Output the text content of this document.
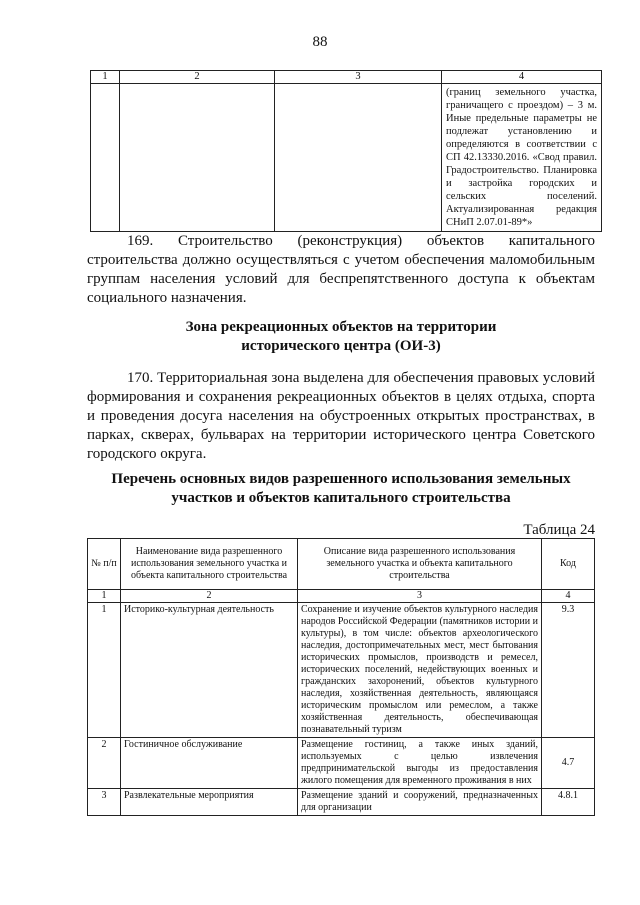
88
1	2	3	4
			(границ земельного участка, граничащего с проездом) – 3 м. Иные предельные параметры не подлежат установлению и определяются в соответствии с СП 42.13330.2016. «Свод правил. Градостроительство. Планировка и застройка городских и сельских поселений. Актуализированная редакция СНиП 2.07.01-89*»
169. Строительство (реконструкция) объектов капитального строительства должно осуществляться с учетом обеспечения маломобильным группам населения условий для беспрепятственного доступа к объектам социального назначения.
Зона рекреационных объектов на территории
исторического центра (ОИ-3)
170. Территориальная зона выделена для обеспечения правовых условий формирования и сохранения рекреационных объектов в целях отдыха, спорта и проведения досуга населения на обустроенных открытых пространствах, в парках, скверах, бульварах на территории исторического центра Советского городского округа.
Перечень основных видов разрешенного использования земельных
участков и объектов капитального строительства
Таблица 24
№ п/п	Наименование вида разрешенного использования земельного участка и объекта капитального строительства	Описание вида разрешенного использования земельного участка и объекта капитального строительства	Код
1	2	3	4
1	Историко-культурная деятельность	Сохранение и изучение объектов культурного наследия народов Российской Федерации (памятников истории и культуры), в том числе: объектов археологического наследия, достопримечательных мест, мест бытования исторических промыслов, производств и ремесел, исторических поселений, недействующих военных и гражданских захоронений, объектов культурного наследия, хозяйственная деятельность, являющаяся историческим промыслом или ремеслом, а также хозяйственная деятельность, обеспечивающая познавательный туризм	9.3
2	Гостиничное обслуживание	Размещение гостиниц, а также иных зданий, используемых с целью извлечения предпринимательской выгоды из предоставления жилого помещения для временного проживания в них	4.7
3	Развлекательные мероприятия	Размещение зданий и сооружений, предназначенных для организации	4.8.1
